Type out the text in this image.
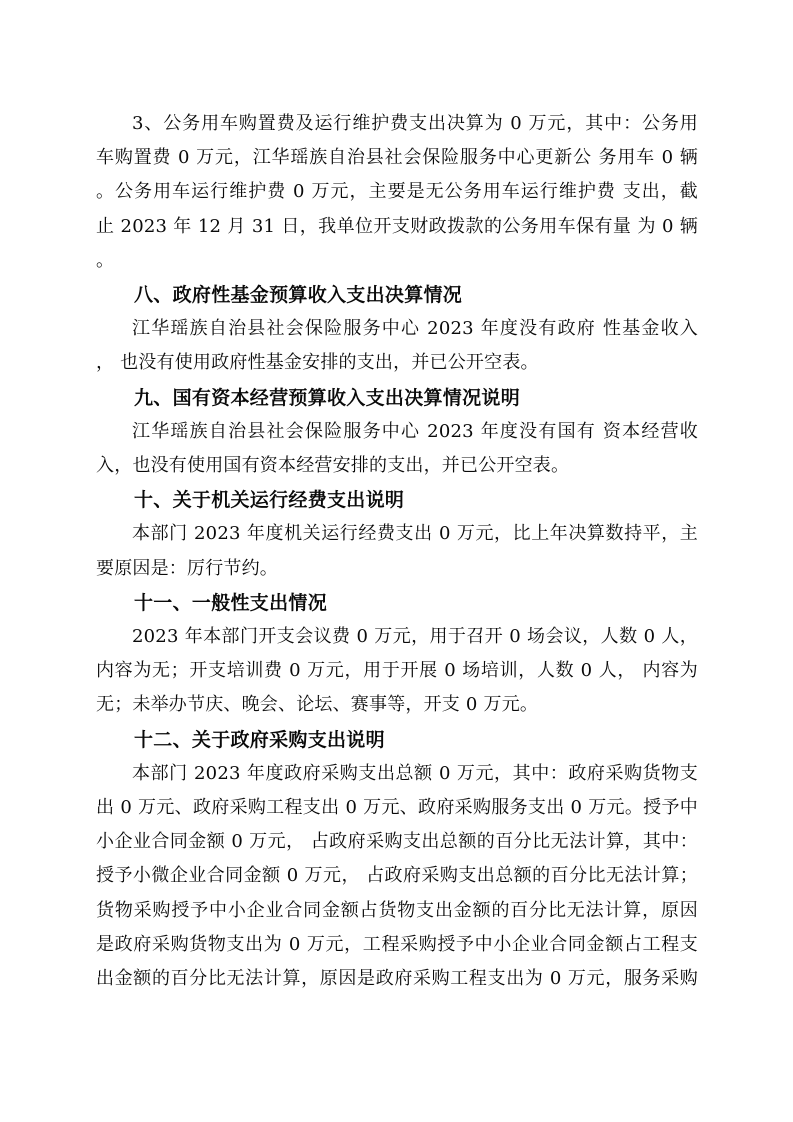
3、公务用车购置费及运行维护费支出决算为 0 万元，其中：公务用
车购置费 0 万元，江华瑶族自治县社会保险服务中心更新公 务用车 0 辆
。公务用车运行维护费 0 万元，主要是无公务用车运行维护费 支出，截
止 2023 年 12 月 31 日，我单位开支财政拨款的公务用车保有量 为 0 辆
。
八、政府性基金预算收入支出决算情况
江华瑶族自治县社会保险服务中心 2023 年度没有政府 性基金收入
， 也没有使用政府性基金安排的支出，并已公开空表。
九、国有资本经营预算收入支出决算情况说明
江华瑶族自治县社会保险服务中心 2023 年度没有国有 资本经营收
入，也没有使用国有资本经营安排的支出，并已公开空表。
十、关于机关运行经费支出说明
本部门 2023 年度机关运行经费支出 0 万元，比上年决算数持平，主
要原因是：厉行节约。
十一、一般性支出情况
2023 年本部门开支会议费 0 万元，用于召开 0 场会议，人数 0 人，
内容为无；开支培训费 0 万元，用于开展 0 场培训，人数 0 人， 内容为
无；未举办节庆、晚会、论坛、赛事等，开支 0 万元。
十二、关于政府采购支出说明
本部门 2023 年度政府采购支出总额 0 万元，其中：政府采购货物支
出 0 万元、政府采购工程支出 0 万元、政府采购服务支出 0 万元。授予中
小企业合同金额 0 万元， 占政府采购支出总额的百分比无法计算，其中：
授予小微企业合同金额 0 万元， 占政府采购支出总额的百分比无法计算；
货物采购授予中小企业合同金额占货物支出金额的百分比无法计算，原因
是政府采购货物支出为 0 万元，工程采购授予中小企业合同金额占工程支
出金额的百分比无法计算，原因是政府采购工程支出为 0 万元，服务采购
